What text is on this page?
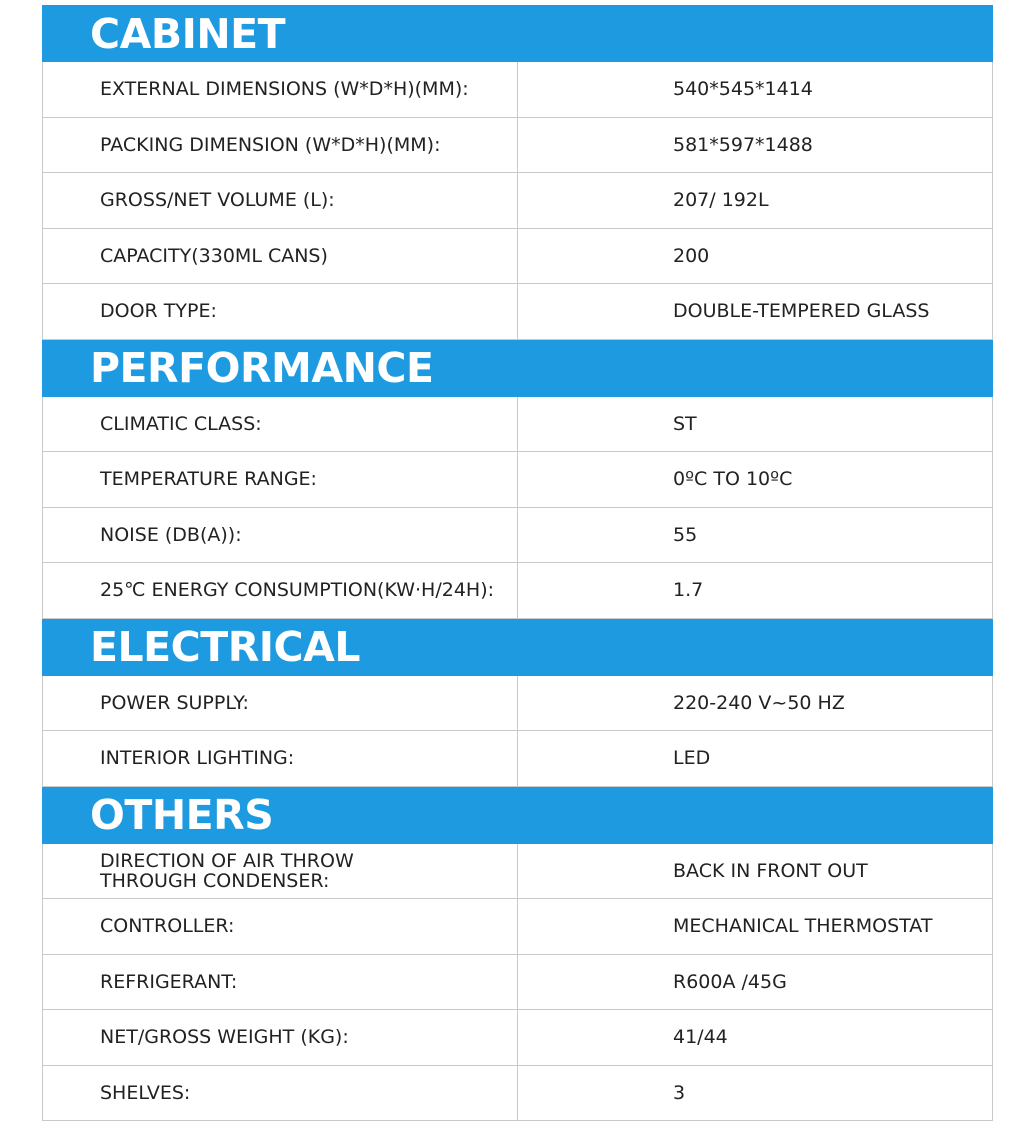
CABINET
EXTERNAL DIMENSIONS (W*D*H)(MM):	540*545*1414
PACKING DIMENSION (W*D*H)(MM):	581*597*1488
GROSS/NET VOLUME (L):	207/ 192L
CAPACITY(330ML CANS)	200
DOOR TYPE:	DOUBLE-TEMPERED GLASS
PERFORMANCE
CLIMATIC CLASS:	ST
TEMPERATURE RANGE:	0ºC TO 10ºC
NOISE (DB(A)):	55
25℃ ENERGY CONSUMPTION(KW·H/24H):	1.7
ELECTRICAL
POWER SUPPLY:	220-240 V~50 HZ
INTERIOR LIGHTING:	LED
OTHERS
DIRECTION OF AIR THROW
THROUGH CONDENSER:	BACK IN FRONT OUT
CONTROLLER:	MECHANICAL THERMOSTAT
REFRIGERANT:	R600A /45G
NET/GROSS WEIGHT (KG):	41/44
SHELVES:	3
